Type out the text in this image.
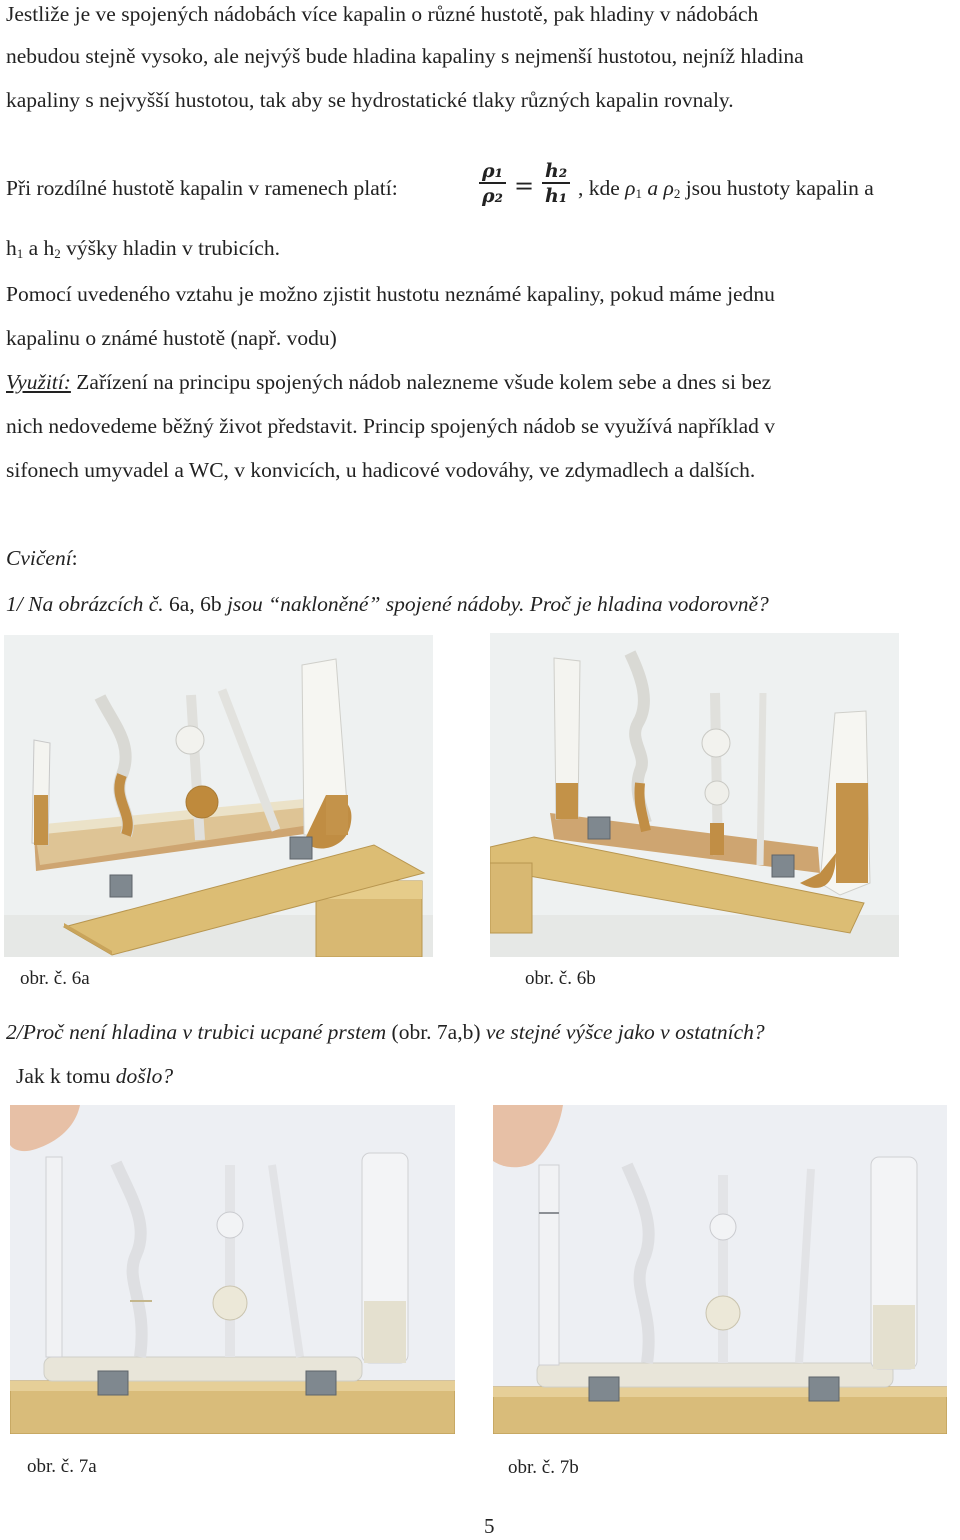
Jestliže je ve spojených nádobách více kapalin o různé hustotě, pak hladiny v nádobách
nebudou stejně vysoko, ale nejvýš bude hladina kapaliny s nejmenší hustotou, nejníž hladina
kapaliny s nejvyšší hustotou, tak aby se hydrostatické tlaky různých kapalin rovnaly.
Při rozdílné hustotě kapalin v ramenech platí:
ρ₁
ρ₂ =
h₂
h₁ , kde $\rho_1$ a $\rho_2$ jsou hustoty kapalin a
$h_1$ a $h_2$ výšky hladin v trubicích.
Pomocí uvedeného vztahu je možno zjistit hustotu neznámé kapaliny, pokud máme jednu
kapalinu o známé hustotě (např. vodu)
Využití: Zařízení na principu spojených nádob nalezneme všude kolem sebe a dnes si bez
nich nedovedeme běžný život představit. Princip spojených nádob se využívá například v
sifonech umyvadel a WC, v konvicích, u hadicové vodováhy, ve zdymadlech a dalších.
Cvičení:
1/ Na obrázcích č. 6a, 6b jsou “nakloněné” spojené nádoby. Proč je hladina vodorovně?
obr. č. 6a	obr. č. 6b
2/Proč není hladina v trubici ucpané prstem (obr. 7a,b) ve stejné výšce jako v ostatních?
Jak k tomu došlo?
obr. č. 7a	obr. č. 7b
5
